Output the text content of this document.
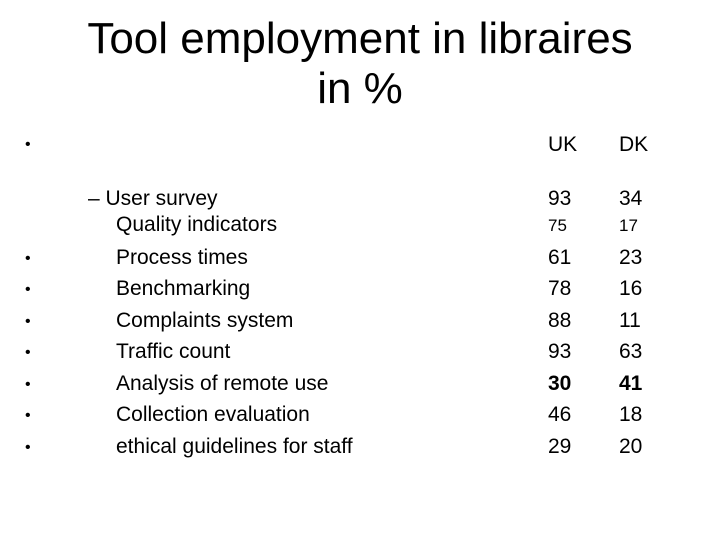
Tool employment in libraires
in %
•
•
•
•
•
•
•
•
UK DK
– User survey
Quality indicators
Process times
Benchmarking
Complaints system
Traffic count
Analysis of remote use
Collection evaluation
ethical guidelines for staff
93
75
61
78
88
93
30
46
29
34
17
23
16
11
63
41
18
20
